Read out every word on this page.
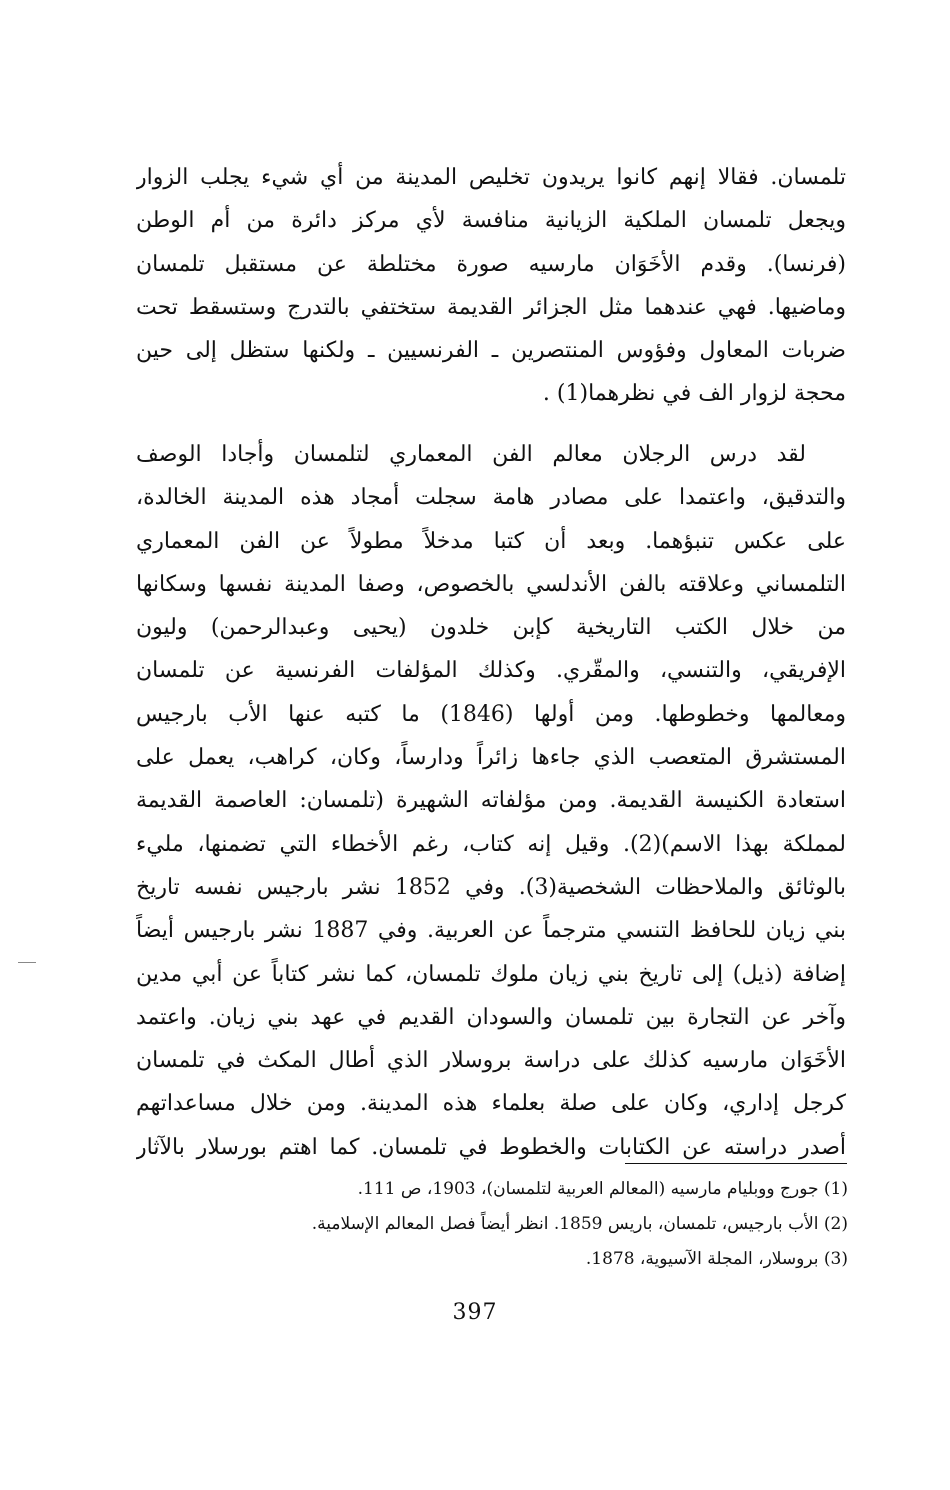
تلمسان. فقالا إنهم كانوا يريدون تخليص المدينة من أي شيء يجلب الزوار
ويجعل تلمسان الملكية الزيانية منافسة لأي مركز دائرة من أم الوطن
(فرنسا). وقدم الأخَوَان مارسيه صورة مختلطة عن مستقبل تلمسان
وماضيها. فهي عندهما مثل الجزائر القديمة ستختفي بالتدرج وستسقط تحت
ضربات المعاول وفؤوس المنتصرين ـ الفرنسيين ـ ولكنها ستظل إلى حين
محجة لزوار الف في نظرهما(1) .
لقد درس الرجلان معالم الفن المعماري لتلمسان وأجادا الوصف
والتدقيق، واعتمدا على مصادر هامة سجلت أمجاد هذه المدينة الخالدة،
على عكس تنبؤهما. وبعد أن كتبا مدخلاً مطولاً عن الفن المعماري
التلمساني وعلاقته بالفن الأندلسي بالخصوص، وصفا المدينة نفسها وسكانها
من خلال الكتب التاريخية كإبن خلدون (يحيى وعبدالرحمن) وليون
الإفريقي، والتنسي، والمقّري. وكذلك المؤلفات الفرنسية عن تلمسان
ومعالمها وخطوطها. ومن أولها (1846) ما كتبه عنها الأب بارجيس
المستشرق المتعصب الذي جاءها زائراً ودارساً، وكان، كراهب، يعمل على
استعادة الكنيسة القديمة. ومن مؤلفاته الشهيرة (تلمسان: العاصمة القديمة
لمملكة بهذا الاسم)(2). وقيل إنه كتاب، رغم الأخطاء التي تضمنها، مليء
بالوثائق والملاحظات الشخصية(3). وفي 1852 نشر بارجيس نفسه تاريخ
بني زيان للحافظ التنسي مترجماً عن العربية. وفي 1887 نشر بارجيس أيضاً
إضافة (ذيل) إلى تاريخ بني زيان ملوك تلمسان، كما نشر كتاباً عن أبي مدين
وآخر عن التجارة بين تلمسان والسودان القديم في عهد بني زيان. واعتمد
الأخَوَان مارسيه كذلك على دراسة بروسلار الذي أطال المكث في تلمسان
كرجل إداري، وكان على صلة بعلماء هذه المدينة. ومن خلال مساعداتهم
أصدر دراسته عن الكتابات والخطوط في تلمسان. كما اهتم بورسلار بالآثار
(1) جورج ووبليام مارسيه (المعالم العربية لتلمسان)، 1903، ص 111.
(2) الأب بارجيس، تلمسان، باريس 1859. انظر أيضاً فصل المعالم الإسلامية.
(3) بروسلار، المجلة الآسيوية، 1878.
397
